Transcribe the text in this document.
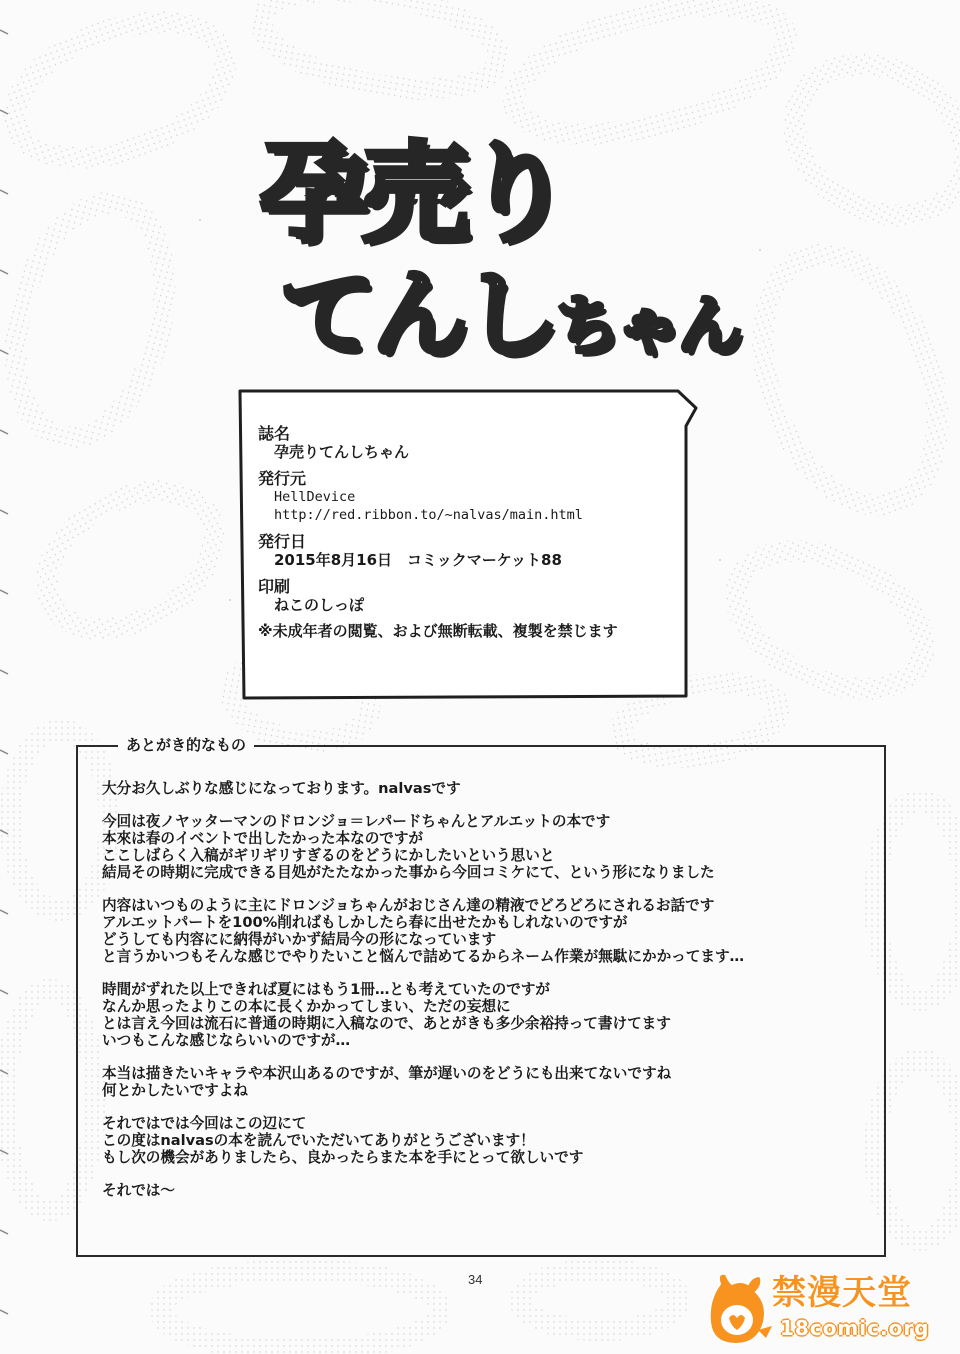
孕売り
てんしちゃん
誌名
孕売りてんしちゃん
発行元
HellDevice
http://red.ribbon.to/~nalvas/main.html
発行日
2015年8月16日　コミックマーケット88
印刷
ねこのしっぽ
※未成年者の閲覧、および無断転載、複製を禁じます
あとがき的なもの
大分お久しぶりな感じになっております。nalvasです
今回は夜ノヤッターマンのドロンジョ＝レパードちゃんとアルエットの本です
本來は春のイベントで出したかった本なのですが
ここしばらく入稿がギリギリすぎるのをどうにかしたいという思いと
結局その時期に完成できる目処がたたなかった事から今回コミケにて、という形になりました
内容はいつものように主にドロンジョちゃんがおじさん達の精液でどろどろにされるお話です
アルエットパートを100%削ればもしかしたら春に出せたかもしれないのですが
どうしても内容にに納得がいかず結局今の形になっています
と言うかいつもそんな感じでやりたいこと悩んで詰めてるからネーム作業が無駄にかかってます…
時間がずれた以上できれば夏にはもう1冊…とも考えていたのですが
なんか思ったよりこの本に長くかかってしまい、ただの妄想に
とは言え今回は流石に普通の時期に入稿なので、あとがきも多少余裕持って書けてます
いつもこんな感じならいいのですが…
本当は描きたいキャラや本沢山あるのですが、筆が遅いのをどうにも出来てないですね
何とかしたいですよね
それではでは今回はこの辺にて
この度はnalvasの本を読んでいただいてありがとうございます！
もし次の機会がありましたら、良かったらまた本を手にとって欲しいです
それでは～
34	禁漫天堂
18comic.org
